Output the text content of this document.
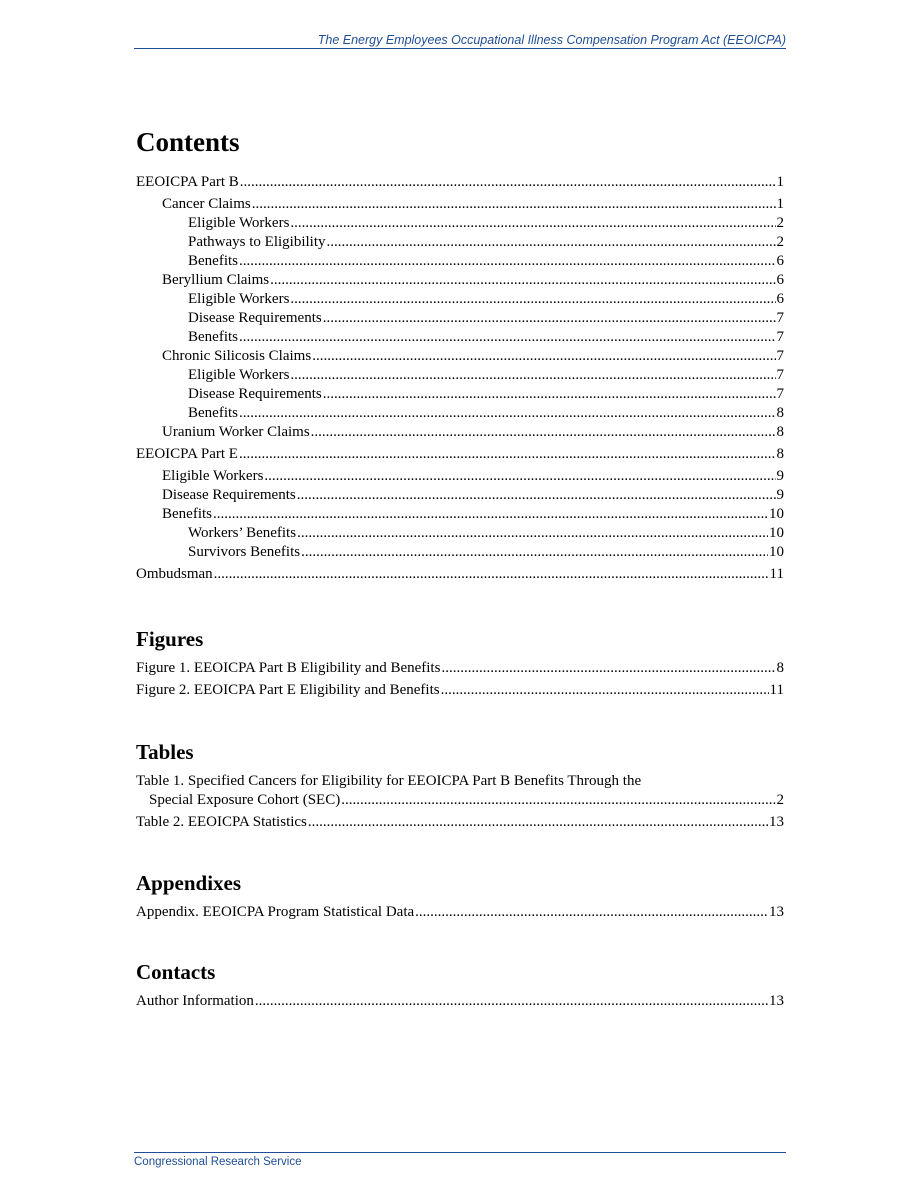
The Energy Employees Occupational Illness Compensation Program Act (EEOICPA)
Contents
EEOICPA Part B .....	1
Cancer Claims .....	1
Eligible Workers .....	2
Pathways to Eligibility .....	2
Benefits .....	6
Beryllium Claims .....	6
Eligible Workers .....	6
Disease Requirements .....	7
Benefits .....	7
Chronic Silicosis Claims .....	7
Eligible Workers .....	7
Disease Requirements .....	7
Benefits .....	8
Uranium Worker Claims .....	8
EEOICPA Part E .....	8
Eligible Workers .....	9
Disease Requirements .....	9
Benefits .....	10
Workers’ Benefits .....	10
Survivors Benefits .....	10
Ombudsman .....	11
Figures
Figure 1. EEOICPA Part B Eligibility and Benefits .....	8
Figure 2. EEOICPA Part E Eligibility and Benefits .....	11
Tables
Table 1. Specified Cancers for Eligibility for EEOICPA Part B Benefits Through the
Special Exposure Cohort (SEC) .....	2
Table 2. EEOICPA Statistics .....	13
Appendixes
Appendix. EEOICPA Program Statistical Data .....	13
Contacts
Author Information .....	13
Congressional Research Service
